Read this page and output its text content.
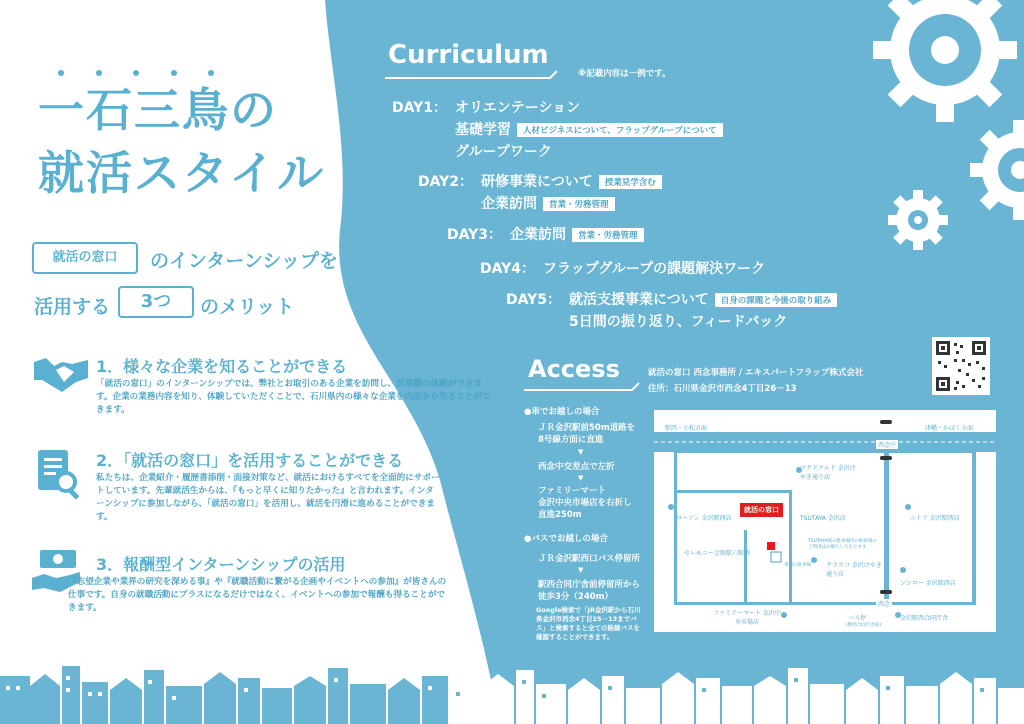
一石三鳥の
就活スタイル
就活の窓口	のインターンシップを
活用する	3つ	のメリット
1．様々な企業を知ることができる
「就活の窓口」のインターンシップでは、弊社とお取引のある企業を訪問し、営業職の体験ができます。企業の業務内容を知り、体験していただくことで、石川県内の様々な企業を内面から知ることができます。
2．「就活の窓口」を活用することができる
私たちは、企業紹介・履歴書添削・面接対策など、就活におけるすべてを全面的にサポートしています。先輩就活生からは、『もっと早くに知りたかった』と言われます。インターンシップに参加しながら、「就活の窓口」を活用し、就活を円滑に進めることができます。
3．報酬型インターンシップの活用
『志望企業や業界の研究を深める事』や『就職活動に繋がる企画やイベントへの参加』が皆さんの仕事です。自身の就職活動にプラスになるだけではなく、イベントへの参加で報酬も得ることができます。
Curriculum
※記載内容は一例です。
DAY1： オリエンテーション
基礎学習 人材ビジネスについて、フラップグループについて
グループワーク
DAY2： 研修事業について 授業見学含む
企業訪問 営業・労務管理
DAY3： 企業訪問 営業・労務管理
DAY4： フラップグループの課題解決ワーク
DAY5： 就活支援事業について 自身の課題と今後の取り組み
5日間の振り返り、フィードバック
Access	就活の窓口 西念事務所 / エキスパートフラップ株式会社
住所：石川県金沢市西念4丁目26－13
●車でお越しの場合
ＪＲ金沢駅前50m道路を
8号線方面に直進
▼
西念中交差点で左折
▼
ファミリーマート
金沢中央市場店を右折し
直進250m
●バスでお越しの場合
ＪＲ金沢駅西口バス停留所
▼
駅西合同庁舎前停留所から
徒歩3分（240m）
Google検索で「JR金沢駅から石川県金沢市西念4丁目25－13までバス」と検索すると全ての路線バスを確認することができます。
駅西・小松方面	津幡・かほく方面
西念中
マクドナルド 金沢けやき通り店
ローソン 金沢駅西店
就活の窓口
TSUTAYA 金沢店	ニトリ 金沢駅西店
セレモニー会館駅六駅西
専用の駐車場
TSUTAYA様の駐車場内の駐車場のご利用はお断りしております
クラスコ 金沢けやき通り店
シシロー 金沢駅西店
西念
ファミリーマート 金沢中央市場店
バス停
(駅西合同庁舎前)
金沢駅西合同庁舎
